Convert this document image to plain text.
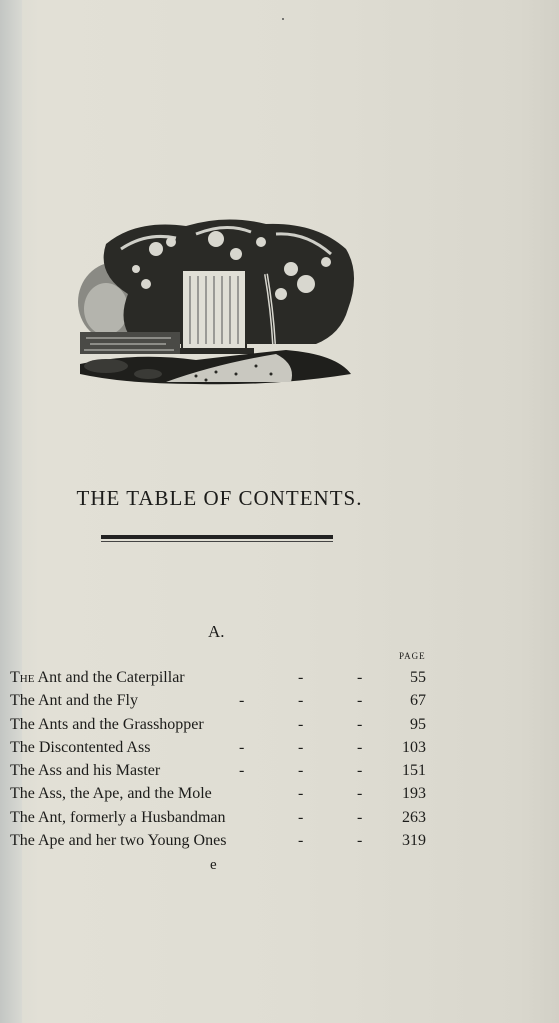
THE TABLE OF CONTENTS.
A.
PAGE
The Ant and the Caterpillar	-	-	55
The Ant and the Fly	-	-	-	67
The Ants and the Grasshopper	-	-	95
The Discontented Ass	-	-	- 103
The Ass and his Master	-	-	- 151
The Ass, the Ape, and the Mole	-	- 193
The Ant, formerly a Husbandman	-	- 263
The Ape and her two Young Ones	-	- 319
e
